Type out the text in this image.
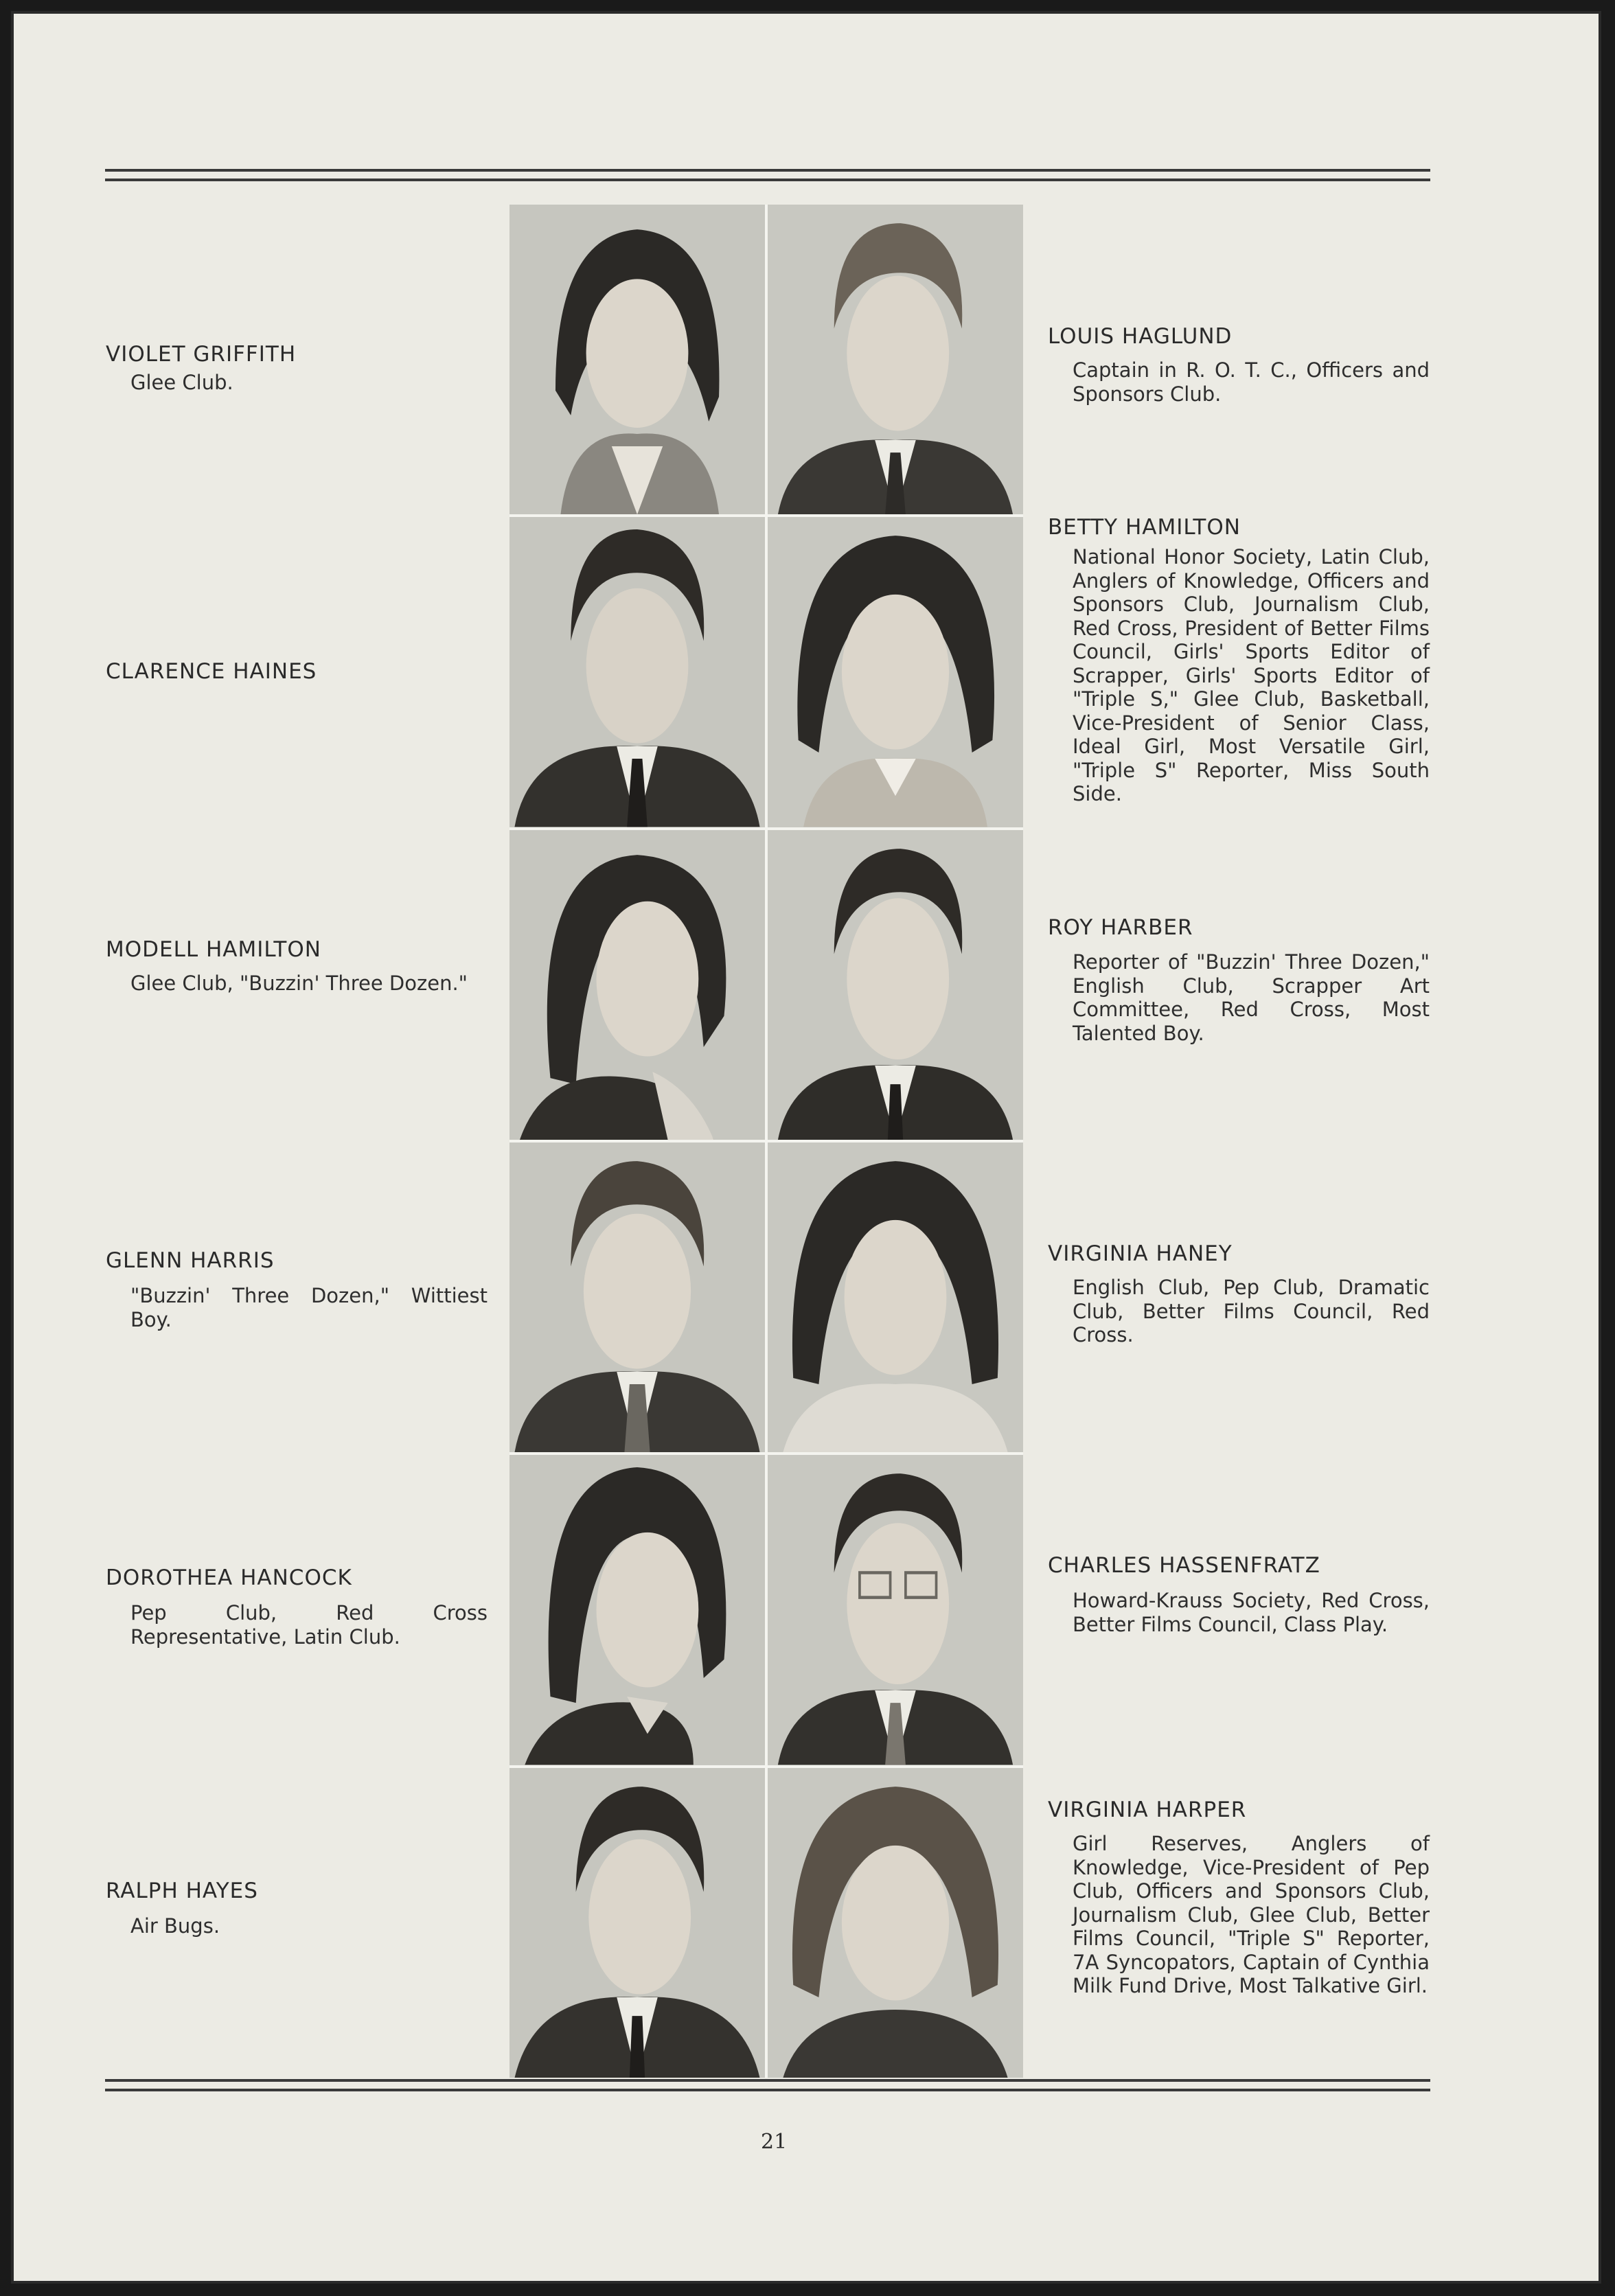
VIOLET GRIFFITH
Glee Club.
CLARENCE HAINES
MODELL HAMILTON
Glee Club, "Buzzin' Three Dozen."
GLENN HARRIS
"Buzzin' Three Dozen," Wittiest Boy.
DOROTHEA HANCOCK
Pep Club, Red Cross Representative, Latin Club.
RALPH HAYES
Air Bugs.
LOUIS HAGLUND
Captain in R. O. T. C., Officers and Sponsors Club.
BETTY HAMILTON
National Honor Society, Latin Club, Anglers of Knowledge, Officers and Sponsors Club, Journalism Club, Red Cross, President of Better Films Council, Girls' Sports Editor of Scrapper, Girls' Sports Editor of "Triple S," Glee Club, Basketball, Vice-President of Senior Class, Ideal Girl, Most Versatile Girl, "Triple S" Reporter, Miss South Side.
ROY HARBER
Reporter of "Buzzin' Three Dozen," English Club, Scrapper Art Committee, Red Cross, Most Talented Boy.
VIRGINIA HANEY
English Club, Pep Club, Dramatic Club, Better Films Council, Red Cross.
CHARLES HASSENFRATZ
Howard-Krauss Society, Red Cross, Better Films Council, Class Play.
VIRGINIA HARPER
Girl Reserves, Anglers of Knowledge, Vice-President of Pep Club, Officers and Sponsors Club, Journalism Club, Glee Club, Better Films Council, "Triple S" Reporter, 7A Syncopators, Captain of Cynthia Milk Fund Drive, Most Talkative Girl.
21
